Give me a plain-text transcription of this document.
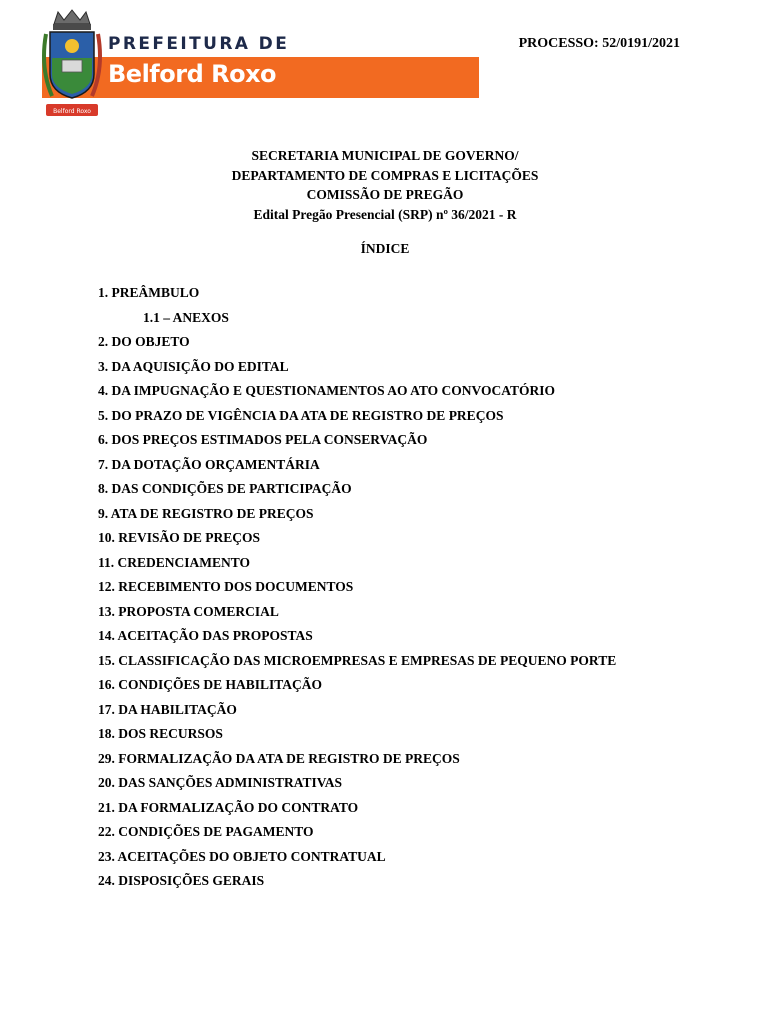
PREFEITURA DE
Belford Roxo
Belford Roxo
PROCESSO: 52/0191/2021
SECRETARIA MUNICIPAL DE GOVERNO/
DEPARTAMENTO DE COMPRAS E LICITAÇÕES
COMISSÃO DE PREGÃO
Edital Pregão Presencial (SRP) nº 36/2021 - R
ÍNDICE
1. PREÂMBULO
1.1 – ANEXOS
2. DO OBJETO
3. DA AQUISIÇÃO DO EDITAL
4. DA IMPUGNAÇÃO E QUESTIONAMENTOS AO ATO CONVOCATÓRIO
5. DO PRAZO DE VIGÊNCIA DA ATA DE REGISTRO DE PREÇOS
6. DOS PREÇOS ESTIMADOS PELA CONSERVAÇÃO
7. DA DOTAÇÃO ORÇAMENTÁRIA
8. DAS CONDIÇÕES DE PARTICIPAÇÃO
9. ATA DE REGISTRO DE PREÇOS
10. REVISÃO DE PREÇOS
11. CREDENCIAMENTO
12. RECEBIMENTO DOS DOCUMENTOS
13. PROPOSTA COMERCIAL
14. ACEITAÇÃO DAS PROPOSTAS
15. CLASSIFICAÇÃO DAS MICROEMPRESAS E EMPRESAS DE PEQUENO PORTE
16. CONDIÇÕES DE HABILITAÇÃO
17. DA HABILITAÇÃO
18. DOS RECURSOS
29. FORMALIZAÇÃO DA ATA DE REGISTRO DE PREÇOS
20. DAS SANÇÕES ADMINISTRATIVAS
21. DA FORMALIZAÇÃO DO CONTRATO
22. CONDIÇÕES DE PAGAMENTO
23. ACEITAÇÕES DO OBJETO CONTRATUAL
24. DISPOSIÇÕES GERAIS
